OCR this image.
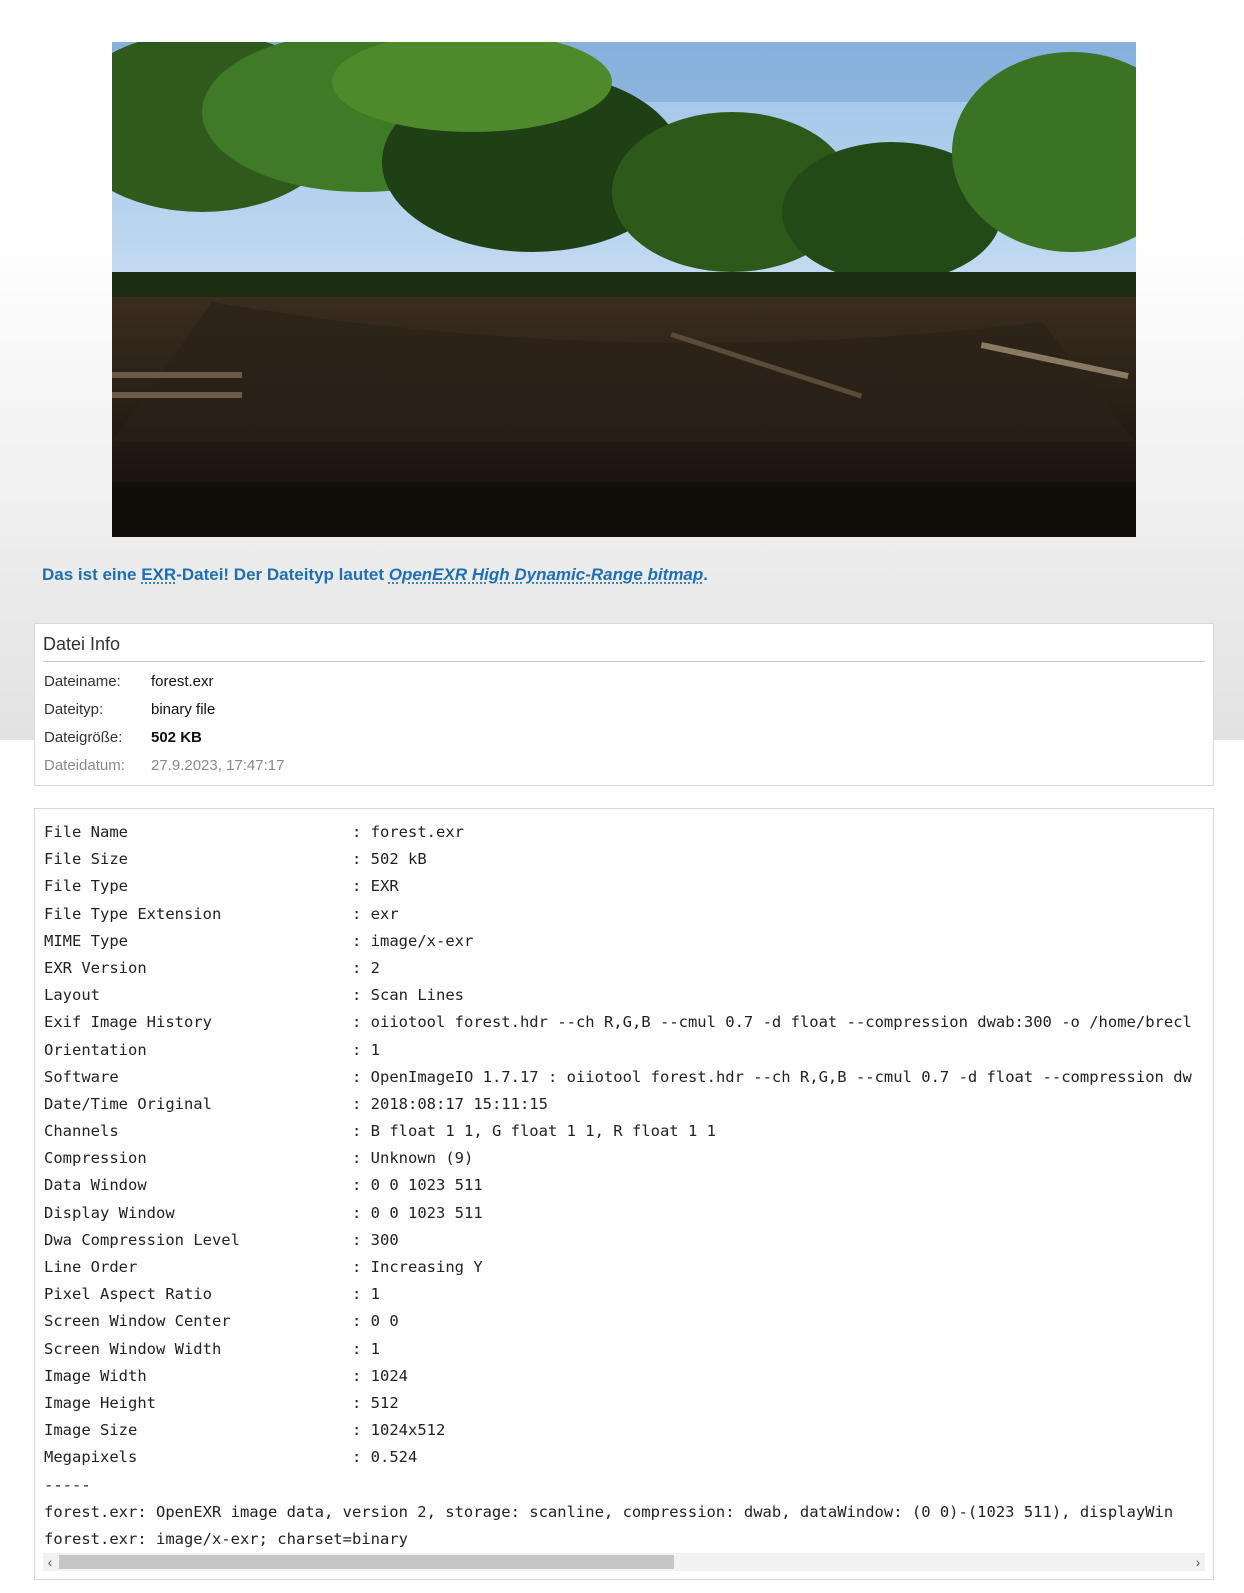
Das ist eine EXR-Datei! Der Dateityp lautet OpenEXR High Dynamic-Range bitmap.
Datei Info
Dateiname: forest.exr
Dateityp:	binary file
Dateigröße: 502 KB
Dateidatum: 27.9.2023, 17:47:17
File Name	: forest.exr
File Size	: 502 kB
File Type	: EXR
File Type Extension	: exr
MIME Type	: image/x-exr
EXR Version	: 2
Layout	: Scan Lines
Exif Image History	: oiiotool forest.hdr --ch R,G,B --cmul 0.7 -d float --compression dwab:300 -o /home/brecl
Orientation	: 1
Software	: OpenImageIO 1.7.17 : oiiotool forest.hdr --ch R,G,B --cmul 0.7 -d float --compression dw
Date/Time Original	: 2018:08:17 15:11:15
Channels	: B float 1 1, G float 1 1, R float 1 1
Compression	: Unknown (9)
Data Window	: 0 0 1023 511
Display Window	: 0 0 1023 511
Dwa Compression Level	: 300
Line Order	: Increasing Y
Pixel Aspect Ratio	: 1
Screen Window Center	: 0 0
Screen Window Width	: 1
Image Width	: 1024
Image Height	: 512
Image Size	: 1024x512
Megapixels	: 0.524
-----
forest.exr: OpenEXR image data, version 2, storage: scanline, compression: dwab, dataWindow: (0 0)-(1023 511), displayWin
forest.exr: image/x-exr; charset=binary
‹	›
